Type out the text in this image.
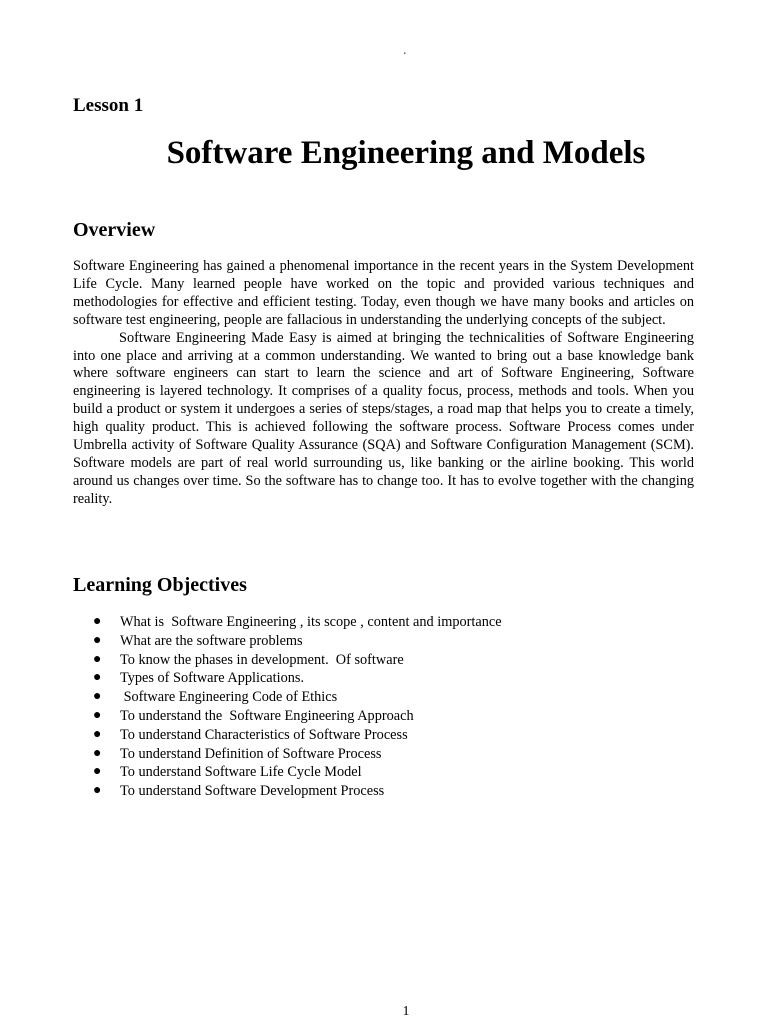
.
Lesson 1
Software Engineering and Models
Overview

Software Engineering has gained a phenomenal importance in the recent years in the System Development Life Cycle. Many learned people have worked on the topic and provided various techniques and methodologies for effective and efficient testing. Today, even though we have many books and articles on software test engineering, people are fallacious in understanding the underlying concepts of the subject.

Software Engineering Made Easy is aimed at bringing the technicalities of Software Engineering into one place and arriving at a common understanding. We wanted to bring out a base knowledge bank where software engineers can start to learn the science and art of Software Engineering, Software engineering is layered technology. It comprises of a quality focus, process, methods and tools. When you build a product or system it undergoes a series of steps/stages, a road map that helps you to create a timely, high quality product. This is achieved following the software process. Software Process comes under Umbrella activity of Software Quality Assurance (SQA) and Software Configuration Management (SCM). Software models are part of real world surrounding us, like banking or the airline booking. This world around us changes over time. So the software has to change too. It has to evolve together with the changing reality.

Learning Objectives
● What is  Software Engineering , its scope , content and importance
● What are the software problems
● To know the phases in development.  Of software
● Types of Software Applications.
● Software Engineering Code of Ethics
● To understand the  Software Engineering Approach
● To understand Characteristics of Software Process
● To understand Definition of Software Process
● To understand Software Life Cycle Model
● To understand Software Development Process
1
